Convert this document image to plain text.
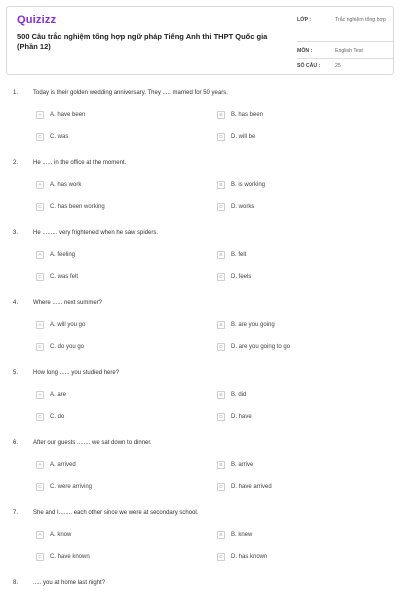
Quizizz
500 Câu trắc nghiệm tổng hợp ngữ pháp Tiếng Anh thi THPT Quốc gia (Phần 12)
LỚP :	Trắc nghiệm tổng hợp
MÔN :	English Test
SỐ CÂU :	25
1. Today is their golden wedding anniversary. They ..... married for 50 years.
A	A. have been	B	B. has been
C	C. was	D	D. will be
2. He ...... in the office at the moment.
A	A. has work	B	B. is working
C	C. has been working	D	D. works
3. He ......... very frightened when he saw spiders.
A	A. feeling	B	B. felt
C	C. was felt	D	D. feels
4. Where ...... next summer?
A	A. will you go	B	B. are you going
C	C. do you go	D	D. are you going to go
5. How long ...... you studied here?
A	A. are	B	B. did
C	C. do	D	D. have
6. After our guests ........ we sat down to dinner.
A	A. arrived	B	B. arrive
C	C. were arriving	D	D. have arrived
7. She and I........ each other since we were at secondary school.
A	A. know	B	B. knew
C	C. have known	D	D. has known
8. ..... you at home last night?
